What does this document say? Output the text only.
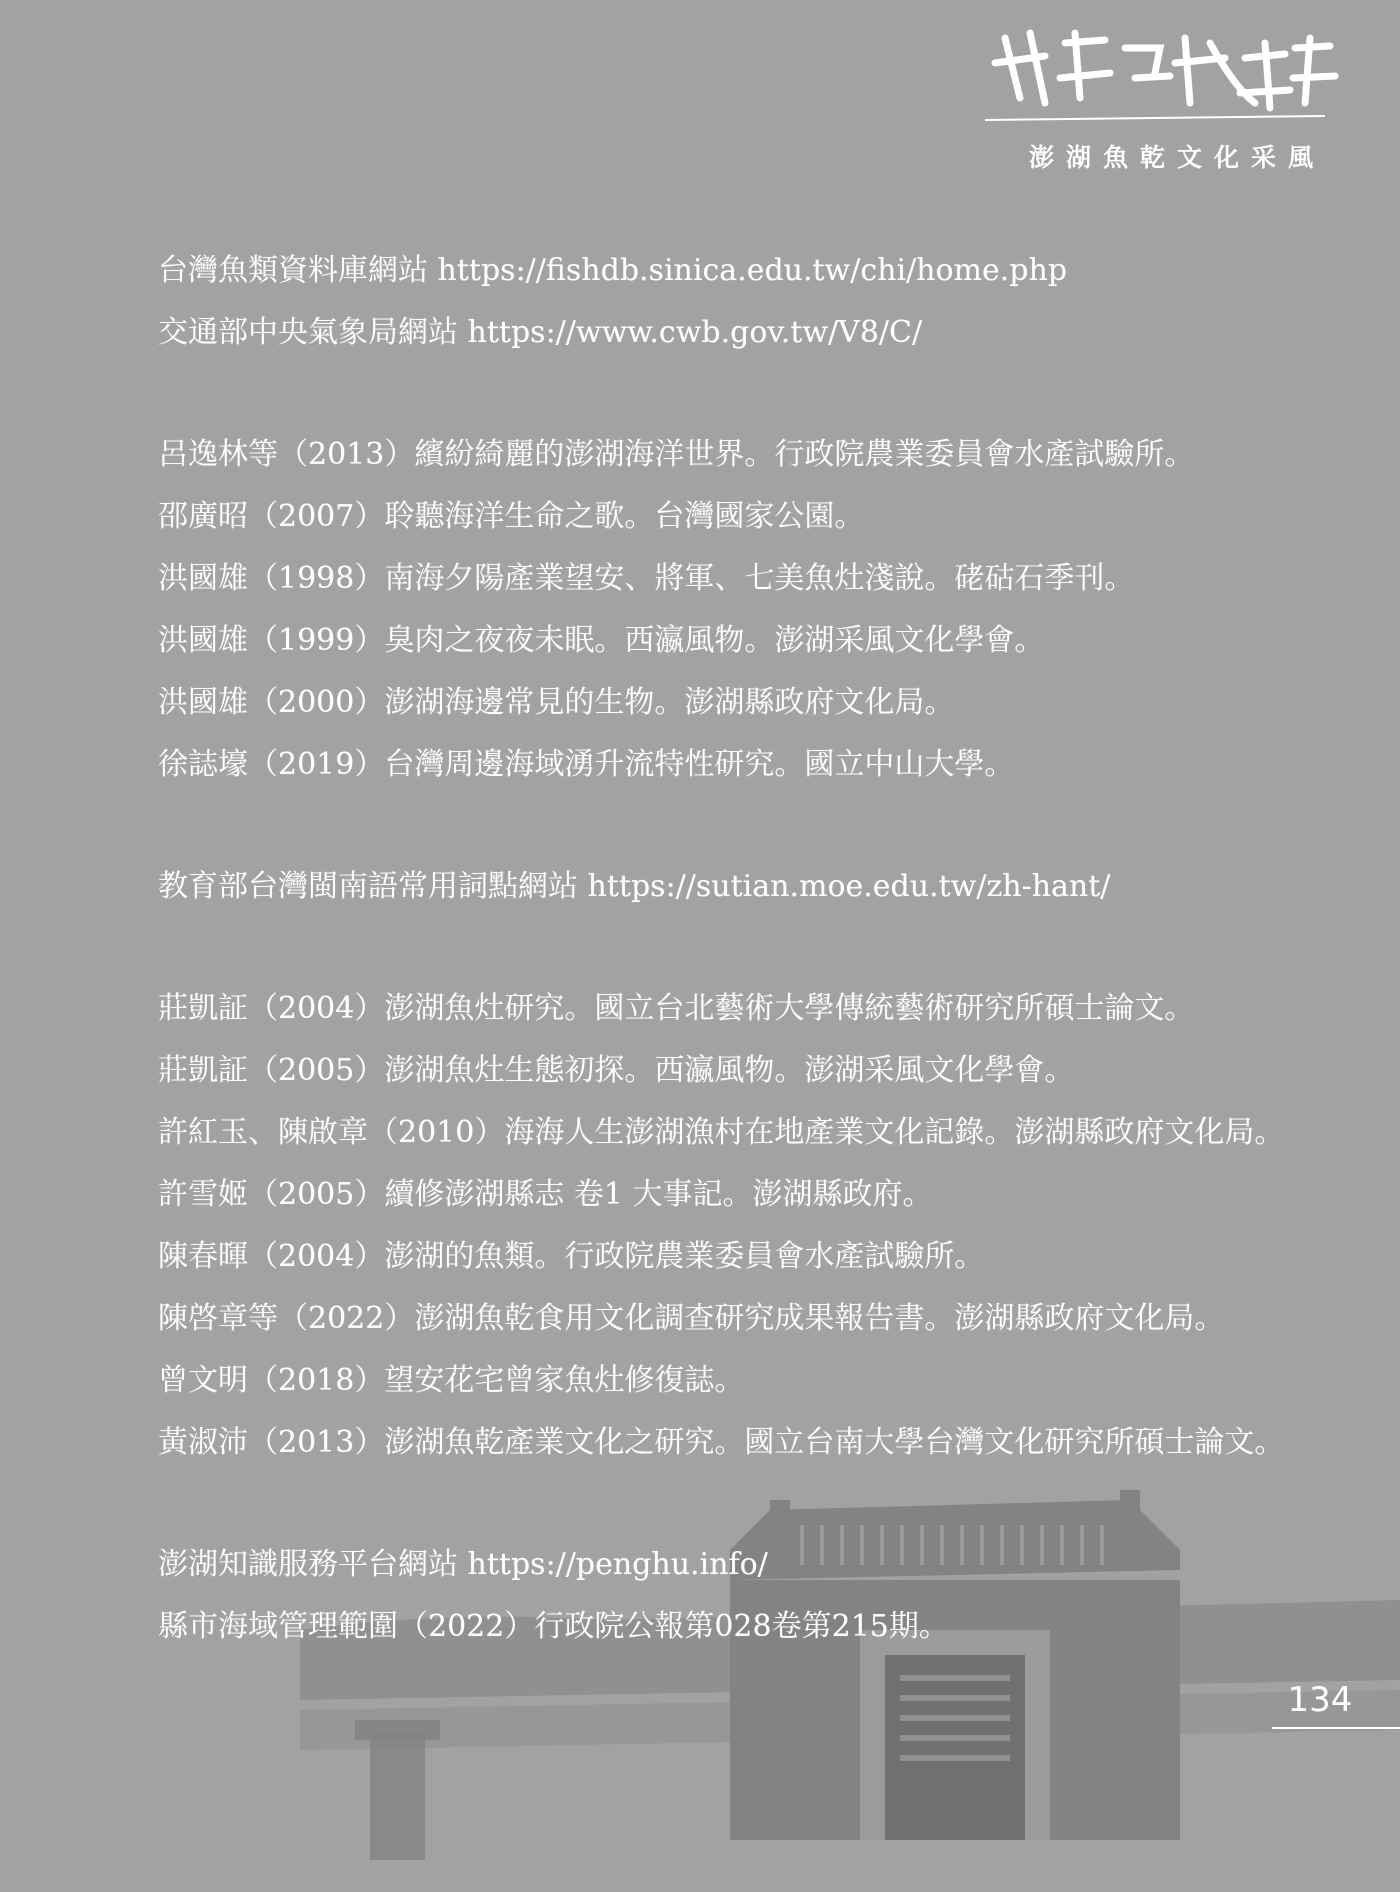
澎湖魚乾文化采風
台灣魚類資料庫網站 https://fishdb.sinica.edu.tw/chi/home.php
交通部中央氣象局網站 https://www.cwb.gov.tw/V8/C/
呂逸林等（2013）繽紛綺麗的澎湖海洋世界。行政院農業委員會水產試驗所。
邵廣昭（2007）聆聽海洋生命之歌。台灣國家公園。
洪國雄（1998）南海夕陽產業望安、將軍、七美魚灶淺說。硓𥑮石季刊。
洪國雄（1999）臭肉之夜夜未眠。西瀛風物。澎湖采風文化學會。
洪國雄（2000）澎湖海邊常見的生物。澎湖縣政府文化局。
徐誌壕（2019）台灣周邊海域湧升流特性研究。國立中山大學。
教育部台灣閩南語常用詞點網站 https://sutian.moe.edu.tw/zh-hant/
莊凱証（2004）澎湖魚灶研究。國立台北藝術大學傳統藝術研究所碩士論文。
莊凱証（2005）澎湖魚灶生態初探。西瀛風物。澎湖采風文化學會。
許紅玉、陳啟章（2010）海海人生澎湖漁村在地產業文化記錄。澎湖縣政府文化局。
許雪姬（2005）續修澎湖縣志 卷1 大事記。澎湖縣政府。
陳春暉（2004）澎湖的魚類。行政院農業委員會水產試驗所。
陳啓章等（2022）澎湖魚乾食用文化調查研究成果報告書。澎湖縣政府文化局。
曾文明（2018）望安花宅曾家魚灶修復誌。
黃淑沛（2013）澎湖魚乾產業文化之研究。國立台南大學台灣文化研究所碩士論文。
澎湖知識服務平台網站 https://penghu.info/
縣市海域管理範圍（2022）行政院公報第028卷第215期。
134
